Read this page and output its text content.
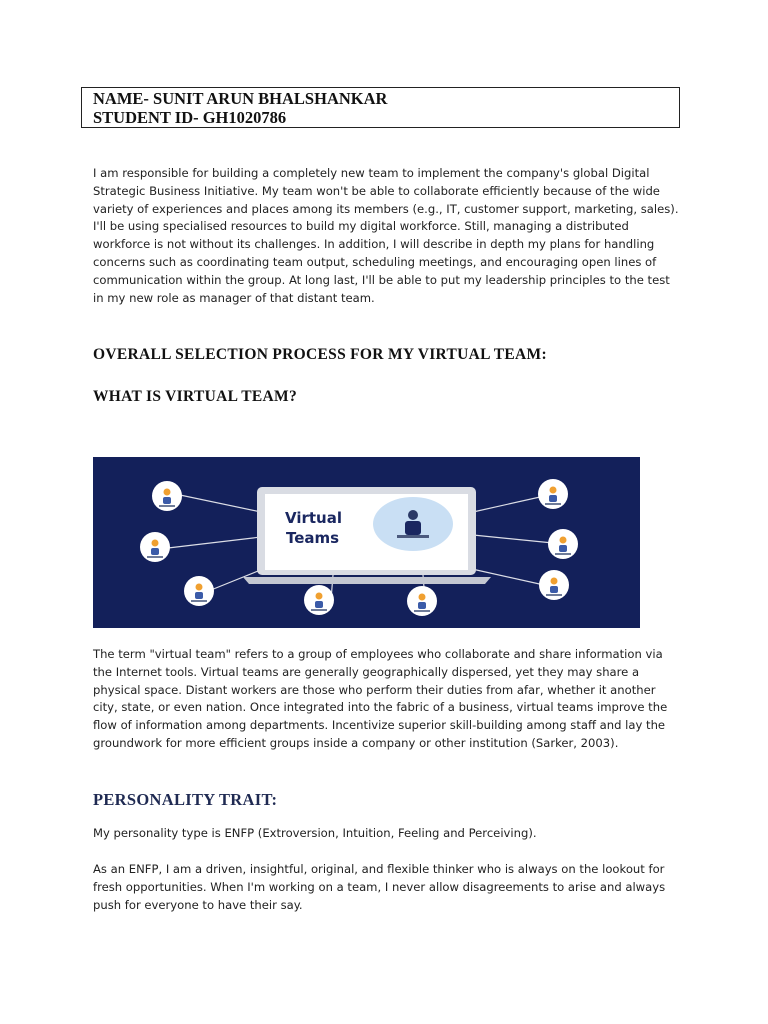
NAME- SUNIT ARUN BHALSHANKAR
STUDENT ID- GH1020786

I am responsible for building a completely new team to implement the company's global Digital Strategic Business Initiative. My team won't be able to collaborate efficiently because of the wide variety of experiences and places among its members (e.g., IT, customer support, marketing, sales). I'll be using specialised resources to build my digital workforce. Still, managing a distributed workforce is not without its challenges. In addition, I will describe in depth my plans for handling concerns such as coordinating team output, scheduling meetings, and encouraging open lines of communication within the group. At long last, I'll be able to put my leadership principles to the test in my new role as manager of that distant team.

OVERALL SELECTION PROCESS FOR MY VIRTUAL TEAM:
WHAT IS VIRTUAL TEAM?
Virtual
Teams

The term "virtual team" refers to a group of employees who collaborate and share information via the Internet tools. Virtual teams are generally geographically dispersed, yet they may share a physical space. Distant workers are those who perform their duties from afar, whether it another city, state, or even nation. Once integrated into the fabric of a business, virtual teams improve the flow of information among departments. Incentivize superior skill-building among staff and lay the groundwork for more efficient groups inside a company or other institution (Sarker, 2003).

PERSONALITY TRAIT:

My personality type is ENFP (Extroversion, Intuition, Feeling and Perceiving).

As an ENFP, I am a driven, insightful, original, and flexible thinker who is always on the lookout for fresh opportunities. When I'm working on a team, I never allow disagreements to arise and always push for everyone to have their say.
